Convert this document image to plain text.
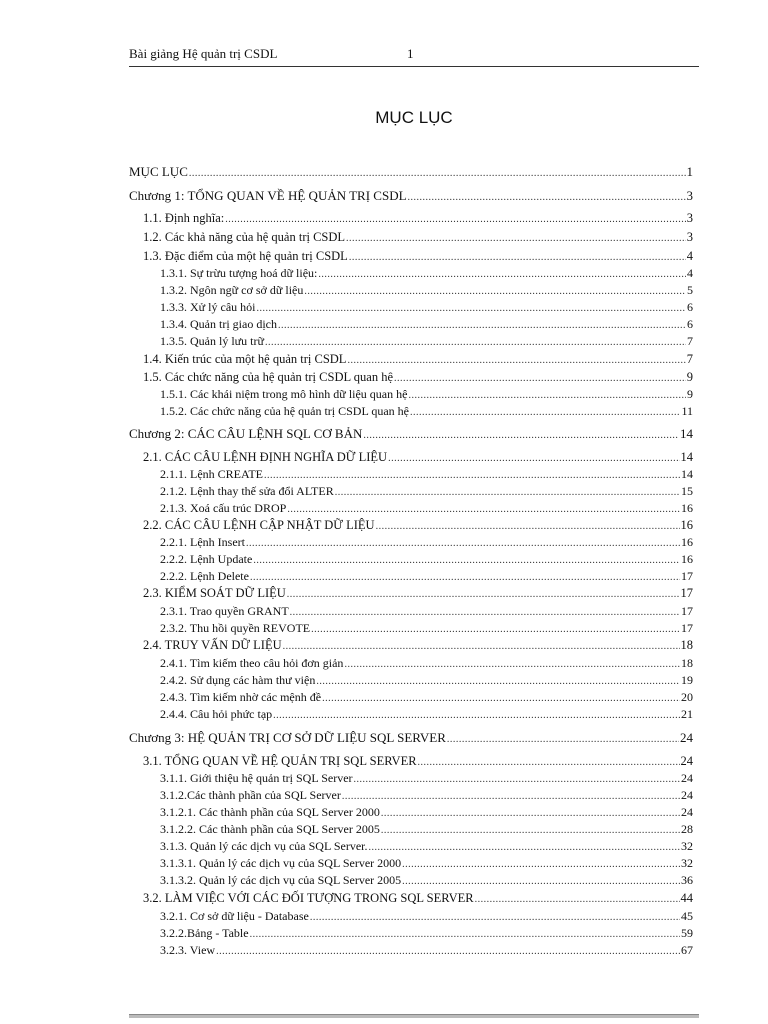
Bài giảng Hệ quản trị CSDL	1
MỤC LỤC
MỤC LỤC .....	1
Chương 1: TỔNG QUAN VỀ HỆ QUẢN TRỊ CSDL .....	3
1.1. Định nghĩa: .....	3
1.2. Các khả năng của hệ quản trị CSDL .....	3
1.3. Đặc điểm của một hệ quản trị CSDL .....	4
1.3.1. Sự trừu tượng hoá dữ liệu: .....	4
1.3.2. Ngôn ngữ cơ sở dữ liệu .....	5
1.3.3. Xử lý câu hỏi .....	6
1.3.4. Quản trị giao dịch .....	6
1.3.5. Quản lý lưu trữ .....	7
1.4. Kiến trúc của một hệ quản trị CSDL .....	7
1.5. Các chức năng của hệ quản trị CSDL quan hệ .....	9
1.5.1. Các khái niệm trong mô hình dữ liệu quan hệ .....	9
1.5.2. Các chức năng của hệ quản trị CSDL quan hệ .....	11
Chương 2: CÁC CÂU LỆNH SQL CƠ BẢN .....	14
2.1. CÁC CÂU LỆNH ĐỊNH NGHĨA DỮ LIỆU .....	14
2.1.1. Lệnh CREATE .....	14
2.1.2. Lệnh thay thế sửa đổi ALTER .....	15
2.1.3. Xoá cấu trúc DROP .....	16
2.2. CÁC CÂU LỆNH CẬP NHẬT DỮ LIỆU .....	16
2.2.1. Lệnh Insert .....	16
2.2.2. Lệnh Update .....	16
2.2.2. Lệnh Delete .....	17
2.3. KIỂM SOÁT DỮ LIỆU .....	17
2.3.1. Trao quyền GRANT .....	17
2.3.2. Thu hồi quyền REVOTE .....	17
2.4. TRUY VẤN DỮ LIỆU .....	18
2.4.1. Tìm kiếm theo câu hỏi đơn giản .....	18
2.4.2. Sử dụng các hàm thư viện .....	19
2.4.3. Tìm kiếm nhờ các mệnh đề .....	20
2.4.4. Câu hỏi phức tạp .....	21
Chương 3: HỆ QUẢN TRỊ CƠ SỞ DỮ LIỆU SQL SERVER .....	24
3.1. TỔNG QUAN VỀ HỆ QUẢN TRỊ SQL SERVER .....	24
3.1.1. Giới thiệu hệ quản trị SQL Server .....	24
3.1.2.Các thành phần của SQL Server .....	24
3.1.2.1. Các thành phần của SQL Server 2000 .....	24
3.1.2.2. Các thành phần của SQL Server 2005 .....	28
3.1.3. Quản lý các dịch vụ của SQL Server. .....	32
3.1.3.1. Quản lý các dịch vụ của SQL Server 2000 .....	32
3.1.3.2. Quản lý các dịch vụ của SQL Server 2005 .....	36
3.2. LÀM VIỆC VỚI CÁC ĐỐI TƯỢNG TRONG SQL SERVER .....	44
3.2.1. Cơ sở dữ liệu - Database .....	45
3.2.2.Bảng - Table .....	59
3.2.3. View .....	67
